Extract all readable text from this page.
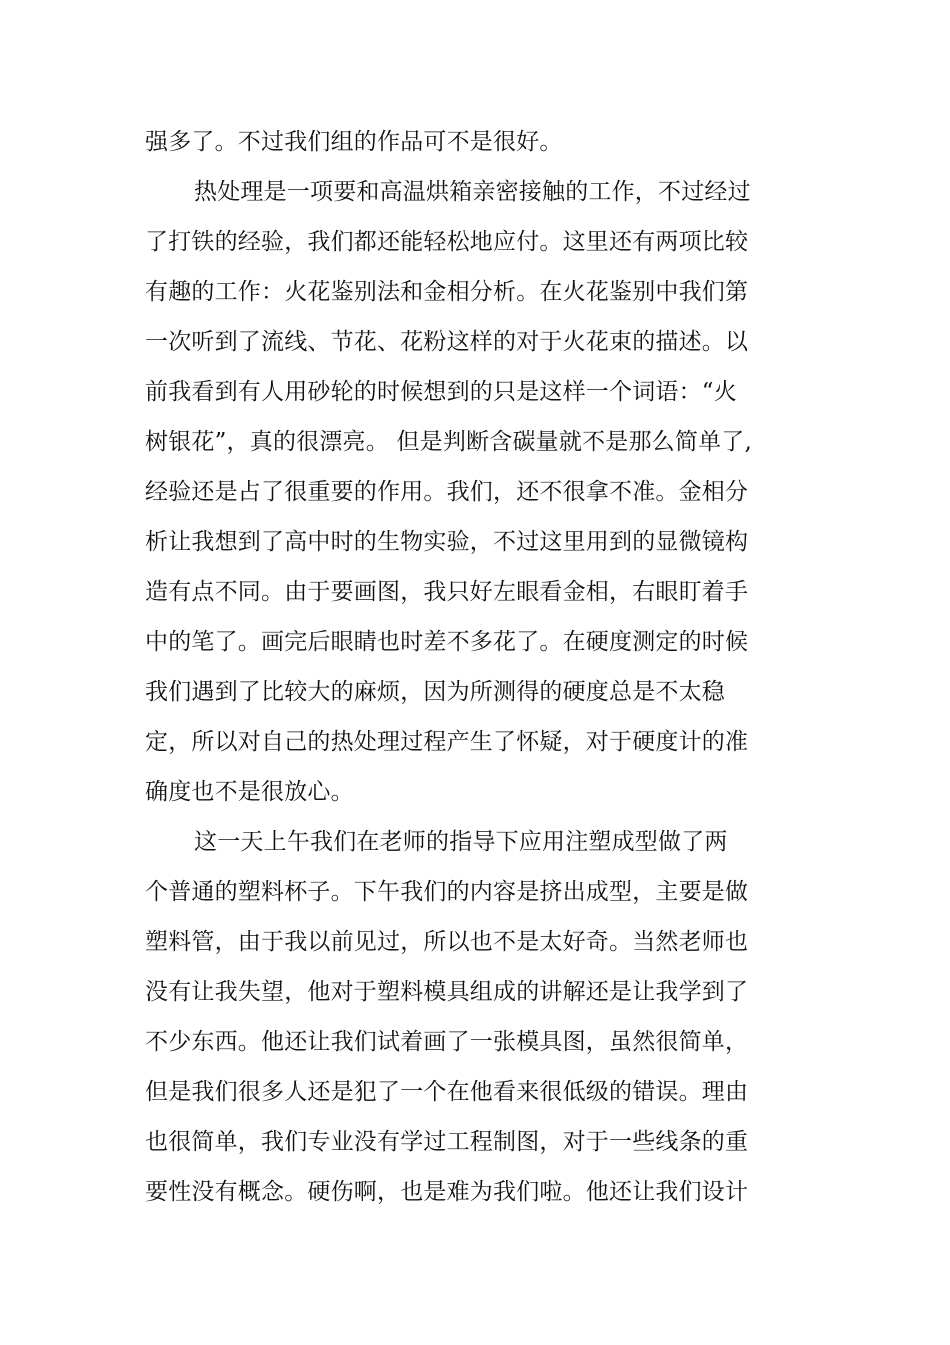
强多了。不过我们组的作品可不是很好。
热处理是一项要和高温烘箱亲密接触的工作，不过经过
了打铁的经验，我们都还能轻松地应付。这里还有两项比较
有趣的工作：火花鉴别法和金相分析。在火花鉴别中我们第
一次听到了流线、节花、花粉这样的对于火花束的描述。以
前我看到有人用砂轮的时候想到的只是这样一个词语：“火
树银花”，真的很漂亮。 但是判断含碳量就不是那么简单了,
经验还是占了很重要的作用。我们，还不很拿不准。金相分
析让我想到了高中时的生物实验，不过这里用到的显微镜构
造有点不同。由于要画图，我只好左眼看金相，右眼盯着手
中的笔了。画完后眼睛也时差不多花了。在硬度测定的时候
我们遇到了比较大的麻烦，因为所测得的硬度总是不太稳
定，所以对自己的热处理过程产生了怀疑，对于硬度计的准
确度也不是很放心。
这一天上午我们在老师的指导下应用注塑成型做了两
个普通的塑料杯子。下午我们的内容是挤出成型，主要是做
塑料管，由于我以前见过，所以也不是太好奇。当然老师也
没有让我失望，他对于塑料模具组成的讲解还是让我学到了
不少东西。他还让我们试着画了一张模具图，虽然很简单，
但是我们很多人还是犯了一个在他看来很低级的错误。理由
也很简单，我们专业没有学过工程制图，对于一些线条的重
要性没有概念。硬伤啊，也是难为我们啦。他还让我们设计
